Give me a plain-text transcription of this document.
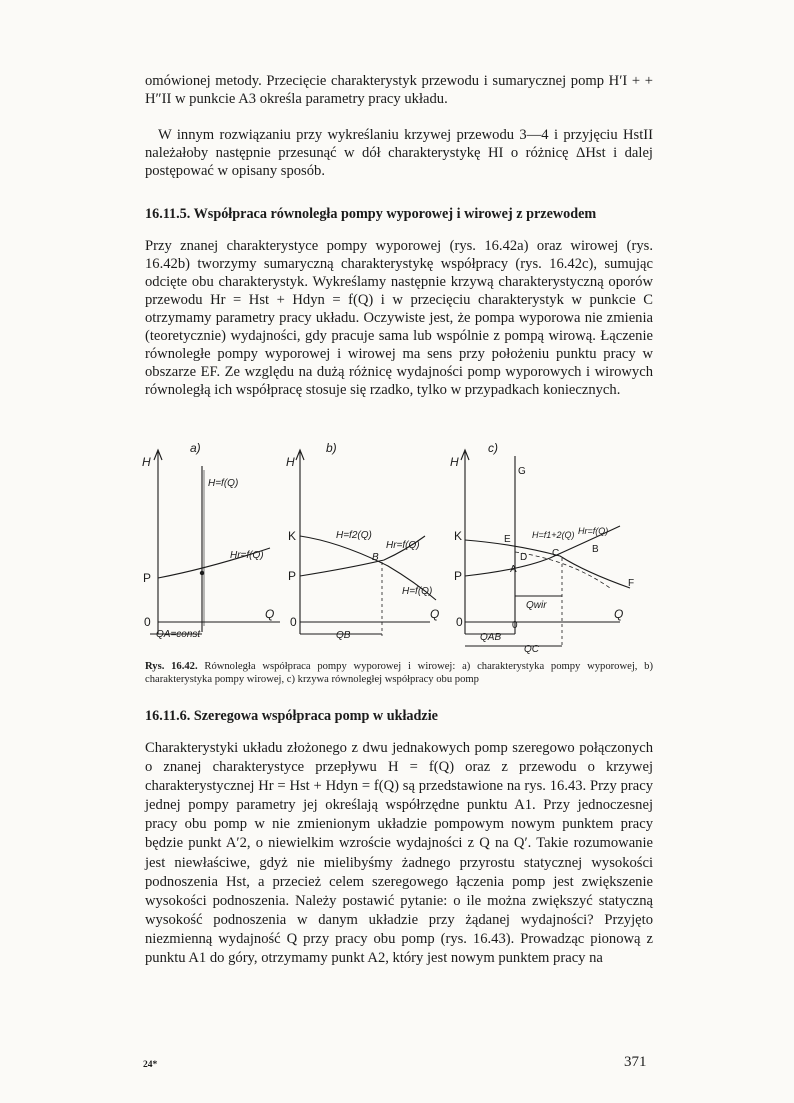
omówionej metody. Przecięcie charakterystyk przewodu i sumarycznej pomp H′I + + H″II w punkcie A3 określa parametry pracy układu.
W innym rozwiązaniu przy wykreślaniu krzywej przewodu 3—4 i przyjęciu HstII należałoby następnie przesunąć w dół charakterystykę HI o różnicę ΔHst i dalej postępować w opisany sposób.
16.11.5. Współpraca równoległa pompy wyporowej i wirowej z przewodem
Przy znanej charakterystyce pompy wyporowej (rys. 16.42a) oraz wirowej (rys. 16.42b) tworzymy sumaryczną charakterystykę współpracy (rys. 16.42c), sumując odcięte obu charakterystyk. Wykreślamy następnie krzywą charakterystyczną oporów przewodu Hr = Hst + Hdyn = f(Q) i w przecięciu charakterystyk w punkcie C otrzymamy parametry pracy układu. Oczywiste jest, że pompa wyporowa nie zmienia (teoretycznie) wydajności, gdy pracuje sama lub wspólnie z pompą wirową. Łączenie równoległe pompy wyporowej i wirowej ma sens przy położeniu punktu pracy w obszarze EF. Ze względu na dużą różnicę wydajności pomp wyporowych i wirowych równoległą ich współpracę stosuje się rzadko, tylko w przypadkach koniecznych.
a)
H
P
0
Q
H=f(Q)
Hr=f(Q)
QA=const
b)
H
K
P
0
Q
H=f2(Q)
Hr=f(Q)
B
H=f(Q)
QB
c)
H
K
P
0
Q
G
E
D
A
B
C
F
H=f1+2(Q) Hr=f(Q)
Qwir
QAB
QC
0
Rys. 16.42. Równoległa współpraca pompy wyporowej i wirowej: a) charakterystyka pompy wyporowej, b) charakterystyka pompy wirowej, c) krzywa równoległej współpracy obu pomp
16.11.6. Szeregowa współpraca pomp w układzie
Charakterystyki układu złożonego z dwu jednakowych pomp szeregowo połączonych o znanej charakterystyce przepływu H = f(Q) oraz z przewodu o krzywej charakterystycznej Hr = Hst + Hdyn = f(Q) są przedstawione na rys. 16.43. Przy pracy jednej pompy parametry jej określają współrzędne punktu A1. Przy jednoczesnej pracy obu pomp w nie zmienionym układzie pompowym nowym punktem pracy będzie punkt A′2, o niewielkim wzroście wydajności z Q na Q′. Takie rozumowanie jest niewłaściwe, gdyż nie mielibyśmy żadnego przyrostu statycznej wysokości podnoszenia Hst, a przecież celem szeregowego łączenia pomp jest zwiększenie wysokości podnoszenia. Należy postawić pytanie: o ile można zwiększyć statyczną wysokość podnoszenia w danym układzie przy żądanej wydajności? Przyjęto niezmienną wydajność Q przy pracy obu pomp (rys. 16.43). Prowadząc pionową z punktu A1 do góry, otrzymamy punkt A2, który jest nowym punktem pracy na
24*	371
